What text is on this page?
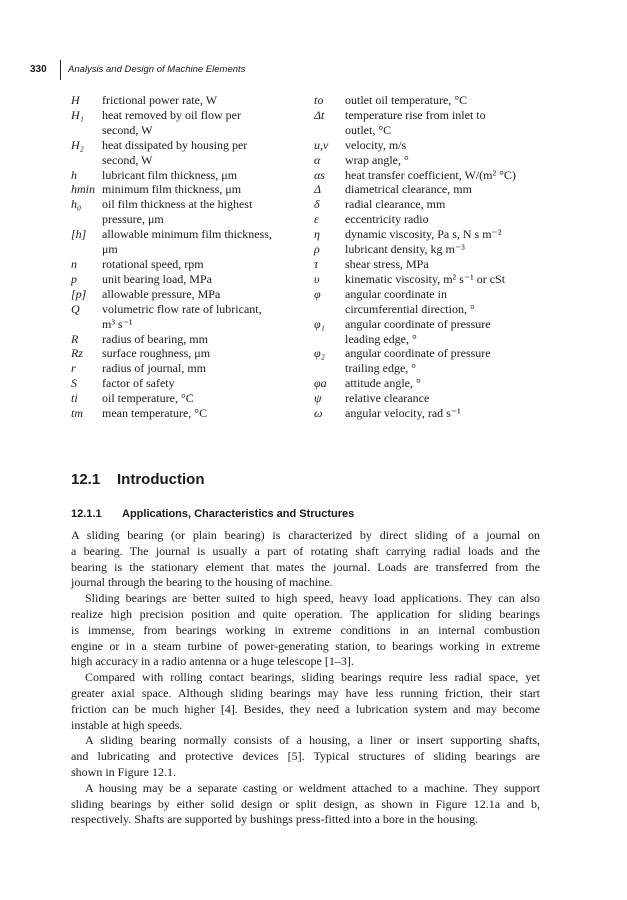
330 Analysis and Design of Machine Elements
H	frictional power rate, W
H₁	heat removed by oil flow per
second, W
H₂	heat dissipated by housing per
second, W
h	lubricant film thickness, μm
hmin minimum film thickness, μm
h₀	oil film thickness at the highest
pressure, μm
[h]	allowable minimum film thickness,
μm
n	rotational speed, rpm
p	unit bearing load, MPa
[p]	allowable pressure, MPa
Q	volumetric flow rate of lubricant,
m³ s⁻¹
R	radius of bearing, mm
Rz	surface roughness, μm
r	radius of journal, mm
S	factor of safety
ti	oil temperature, °C
tm	mean temperature, °C
to	outlet oil temperature, °C
Δt	temperature rise from inlet to
outlet, °C
u,v	velocity, m/s
α	wrap angle, °
αs	heat transfer coefficient, W/(m² °C)
Δ	diametrical clearance, mm
δ	radial clearance, mm
ε	eccentricity radio
η	dynamic viscosity, Pa s, N s m⁻²
ρ	lubricant density, kg m⁻³
τ	shear stress, MPa
υ	kinematic viscosity, m² s⁻¹ or cSt
φ	angular coordinate in
circumferential direction, °
φ₁	angular coordinate of pressure
leading edge, °
φ₂	angular coordinate of pressure
trailing edge, °
φa	attitude angle, °
ψ	relative clearance
ω	angular velocity, rad s⁻¹
12.1 Introduction
12.1.1 Applications, Characteristics and Structures
A sliding bearing (or plain bearing) is characterized by direct sliding of a journal on
a bearing. The journal is usually a part of rotating shaft carrying radial loads and the
bearing is the stationary element that mates the journal. Loads are transferred from the
journal through the bearing to the housing of machine.
Sliding bearings are better suited to high speed, heavy load applications. They can also
realize high precision position and quite operation. The application for sliding bearings
is immense, from bearings working in extreme conditions in an internal combustion
engine or in a steam turbine of power-generating station, to bearings working in extreme
high accuracy in a radio antenna or a huge telescope [1–3].
Compared with rolling contact bearings, sliding bearings require less radial space, yet
greater axial space. Although sliding bearings may have less running friction, their start
friction can be much higher [4]. Besides, they need a lubrication system and may become
instable at high speeds.
A sliding bearing normally consists of a housing, a liner or insert supporting shafts,
and lubricating and protective devices [5]. Typical structures of sliding bearings are
shown in Figure 12.1.
A housing may be a separate casting or weldment attached to a machine. They support
sliding bearings by either solid design or split design, as shown in Figure 12.1a and b,
respectively. Shafts are supported by bushings press-fitted into a bore in the housing.
